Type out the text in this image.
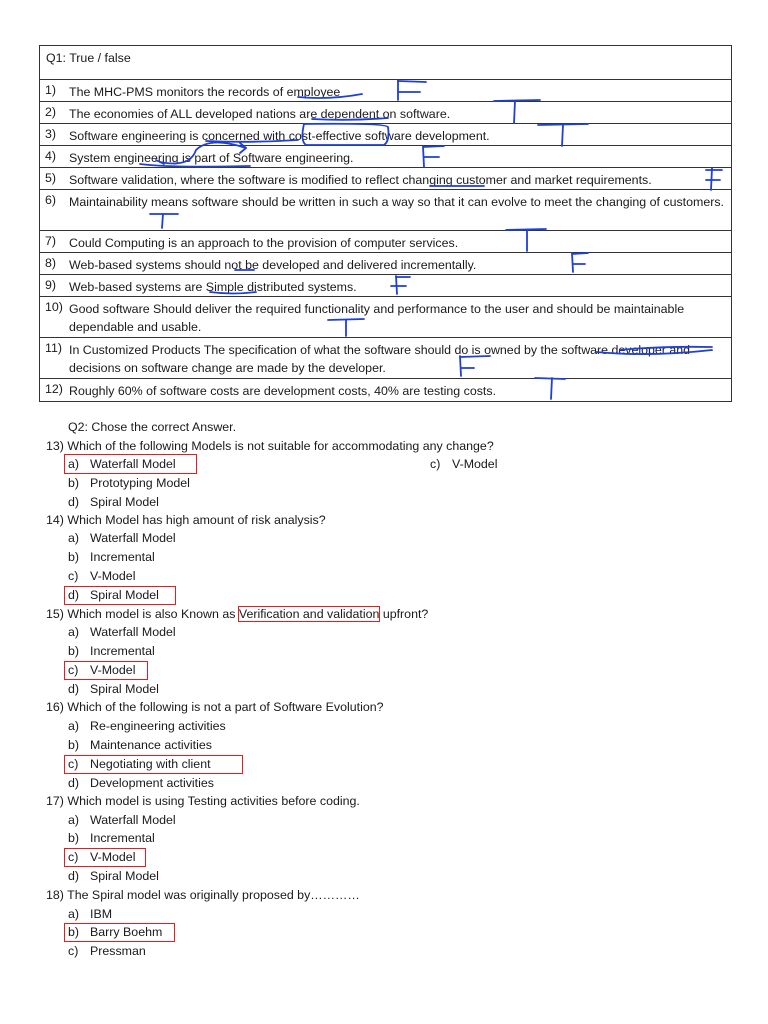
Q1: True / false
1) The MHC-PMS monitors the records of employee
2) The economies of ALL developed nations are dependent on software.
3) Software engineering is concerned with cost-effective software development.
4) System engineering is part of Software engineering.
5) Software validation, where the software is modified to reflect changing customer and market requirements.
6) Maintainability means software should be written in such a way so that it can evolve to meet the changing of customers.
7) Could Computing is an approach to the provision of computer services.
8) Web-based systems should not be developed and delivered incrementally.
9) Web-based systems are Simple distributed systems.
10) Good software Should deliver the required functionality and performance to the user and should be maintainable dependable and usable.
11) In Customized Products The specification of what the software should do is owned by the software developer and decisions on software change are made by the developer.
12) Roughly 60% of software costs are development costs, 40% are testing costs.
Q2: Chose the correct Answer.
13) Which of the following Models is not suitable for accommodating any change?
a) Waterfall Model
b) Prototyping Model
d) Spiral Model
c) V-Model
14) Which Model has high amount of risk analysis?
a) Waterfall Model
b) Incremental
c) V-Model
d) Spiral Model
15) Which model is also Known as Verification and validation upfront?
a) Waterfall Model
b) Incremental
c) V-Model
d) Spiral Model
16) Which of the following is not a part of Software Evolution?
a) Re-engineering activities
b) Maintenance activities
c) Negotiating with client
d) Development activities
17) Which model is using Testing activities before coding.
a) Waterfall Model
b) Incremental
c) V-Model
d) Spiral Model
18) The Spiral model was originally proposed by…………
a) IBM
b) Barry Boehm
c) Pressman
